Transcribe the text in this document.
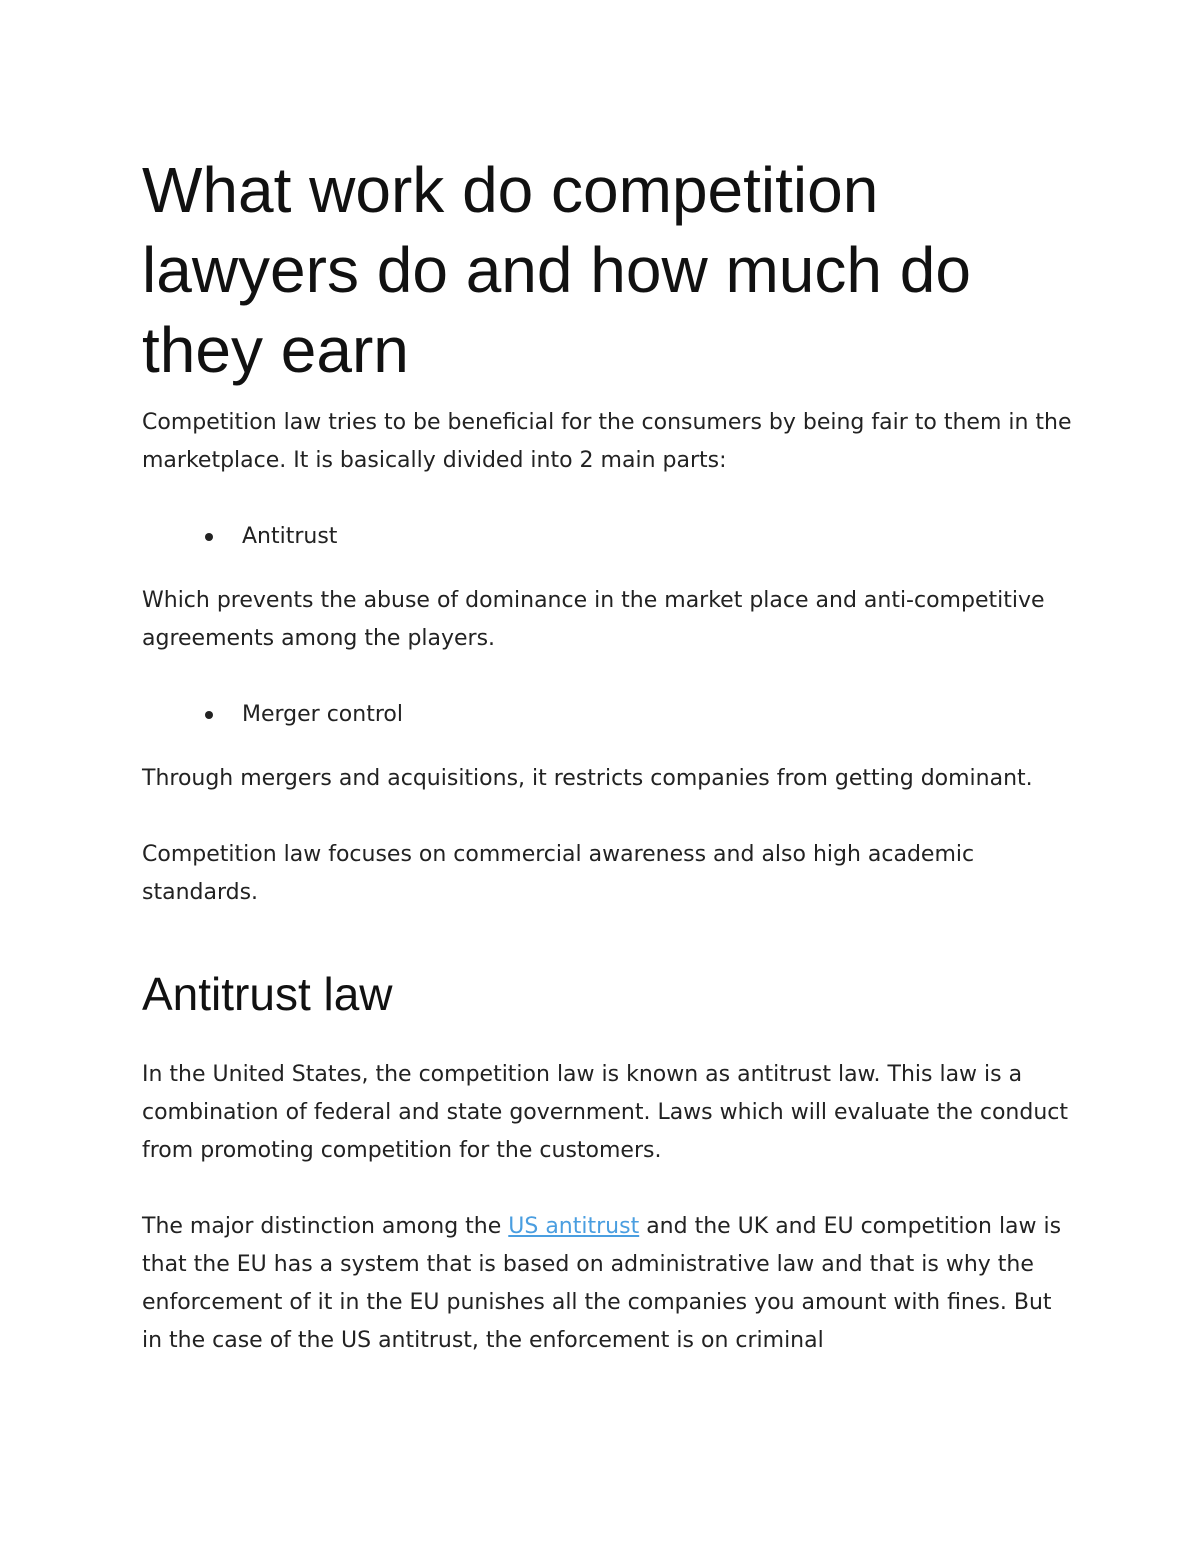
What work do competition lawyers do and how much do they earn

Competition law tries to be beneficial for the consumers by being fair to them in the marketplace. It is basically divided into 2 main parts:

Antitrust

Which prevents the abuse of dominance in the market place and anti-competitive agreements among the players.

Merger control

Through mergers and acquisitions, it restricts companies from getting dominant.

Competition law focuses on commercial awareness and also high academic standards.

Antitrust law

In the United States, the competition law is known as antitrust law. This law is a combination of federal and state government. Laws which will evaluate the conduct from promoting competition for the customers.

The major distinction among the US antitrust and the UK and EU competition law is that the EU has a system that is based on administrative law and that is why the enforcement of it in the EU punishes all the companies you amount with fines. But in the case of the US antitrust, the enforcement is on criminal
